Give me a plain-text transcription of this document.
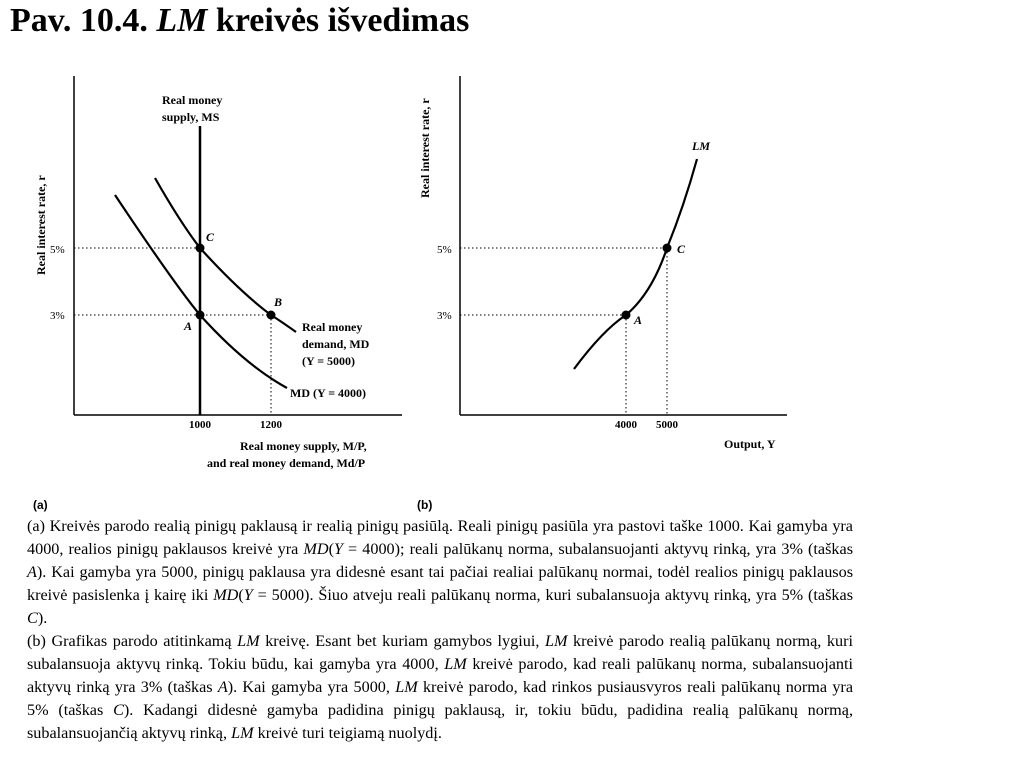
Pav. 10.4. LM kreivės išvedimas
Real interest rate, r 5%
3%
1000	1200
A
B
C
Real money
supply, MS
Real money
demand, MD
(Y = 5000)
MD (Y = 4000)
Real money supply, M/P,
and real money demand, Md/P
(a)
Real interest rate, r
5%
3%
4000 5000
A
C
LM
Output, Y
(b)

(a) Kreivės parodo realią pinigų paklausą ir realią pinigų pasiūlą. Reali pinigų pasiūla yra pastovi taške 1000. Kai gamyba yra 4000, realios pinigų paklausos kreivė yra MD(Y = 4000); reali palūkanų norma, subalansuojanti aktyvų rinką, yra 3% (taškas A). Kai gamyba yra 5000, pinigų paklausa yra didesnė esant tai pačiai realiai palūkanų normai, todėl realios pinigų paklausos kreivė pasislenka į kairę iki MD(Y = 5000). Šiuo atveju reali palūkanų norma, kuri subalansuoja aktyvų rinką, yra 5% (taškas C).

(b) Grafikas parodo atitinkamą LM kreivę. Esant bet kuriam gamybos lygiui, LM kreivė parodo realią palūkanų normą, kuri subalansuoja aktyvų rinką. Tokiu būdu, kai gamyba yra 4000, LM kreivė parodo, kad reali palūkanų norma, subalansuojanti aktyvų rinką yra 3% (taškas A). Kai gamyba yra 5000, LM kreivė parodo, kad rinkos pusiausvyros reali palūkanų norma yra 5% (taškas C). Kadangi didesnė gamyba padidina pinigų paklausą, ir, tokiu būdu, padidina realią palūkanų normą, subalansuojančią aktyvų rinką, LM kreivė turi teigiamą nuolydį.
